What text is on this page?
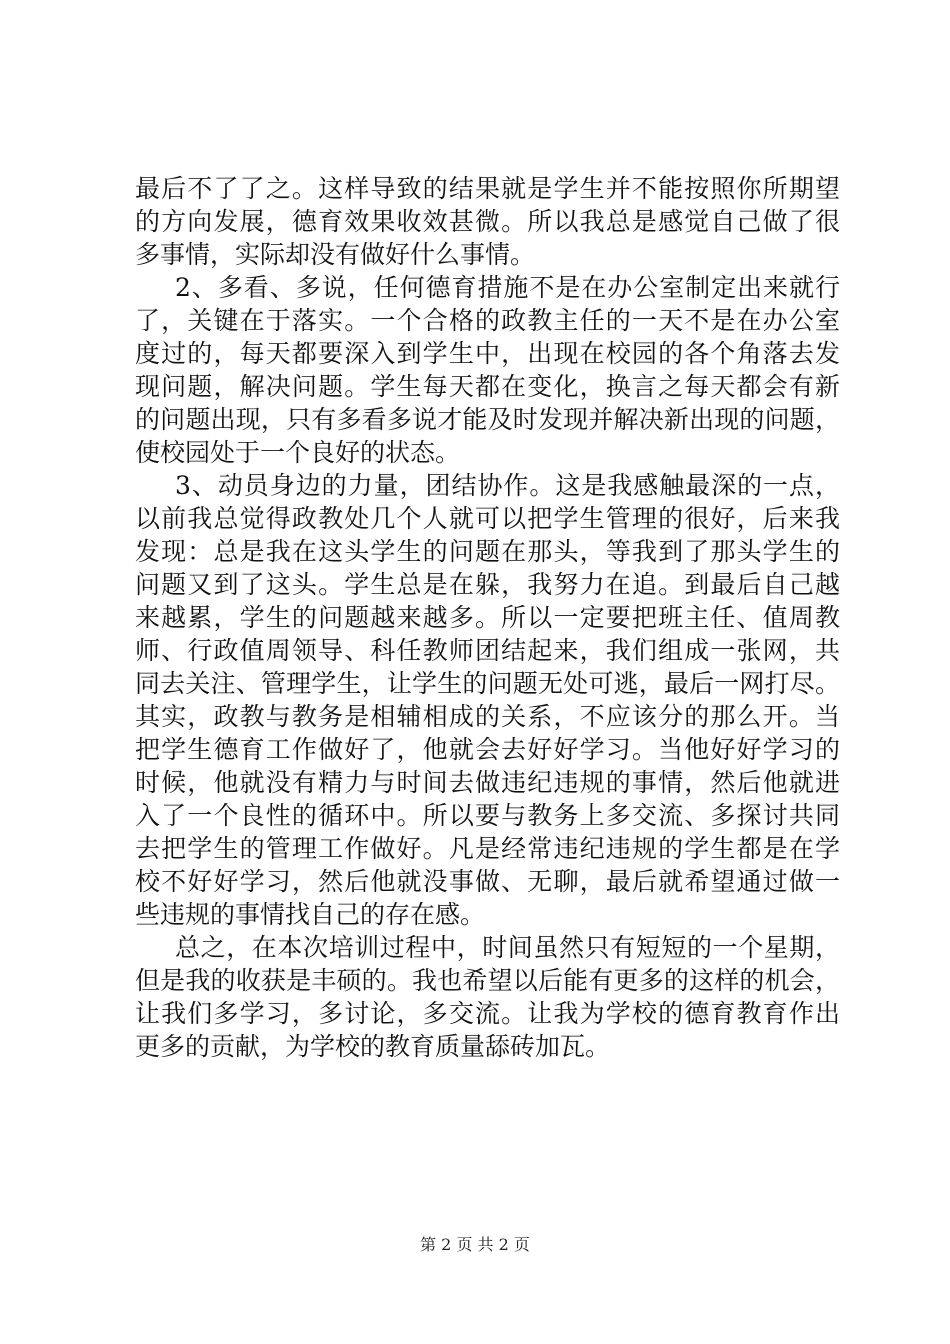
最后不了了之。这样导致的结果就是学生并不能按照你所期望
的方向发展，德育效果收效甚微。所以我总是感觉自己做了很
多事情，实际却没有做好什么事情。
2、多看、多说，任何德育措施不是在办公室制定出来就行
了，关键在于落实。一个合格的政教主任的一天不是在办公室
度过的，每天都要深入到学生中，出现在校园的各个角落去发
现问题，解决问题。学生每天都在变化，换言之每天都会有新
的问题出现，只有多看多说才能及时发现并解决新出现的问题，
使校园处于一个良好的状态。
3、动员身边的力量，团结协作。这是我感触最深的一点，
以前我总觉得政教处几个人就可以把学生管理的很好，后来我
发现：总是我在这头学生的问题在那头，等我到了那头学生的
问题又到了这头。学生总是在躲，我努力在追。到最后自己越
来越累，学生的问题越来越多。所以一定要把班主任、值周教
师、行政值周领导、科任教师团结起来，我们组成一张网，共
同去关注、管理学生，让学生的问题无处可逃，最后一网打尽。
其实，政教与教务是相辅相成的关系，不应该分的那么开。当
把学生德育工作做好了，他就会去好好学习。当他好好学习的
时候，他就没有精力与时间去做违纪违规的事情，然后他就进
入了一个良性的循环中。所以要与教务上多交流、多探讨共同
去把学生的管理工作做好。凡是经常违纪违规的学生都是在学
校不好好学习，然后他就没事做、无聊，最后就希望通过做一
些违规的事情找自己的存在感。
总之，在本次培训过程中，时间虽然只有短短的一个星期，
但是我的收获是丰硕的。我也希望以后能有更多的这样的机会，
让我们多学习，多讨论，多交流。让我为学校的德育教育作出
更多的贡献，为学校的教育质量舔砖加瓦。
第 2 页 共 2 页
